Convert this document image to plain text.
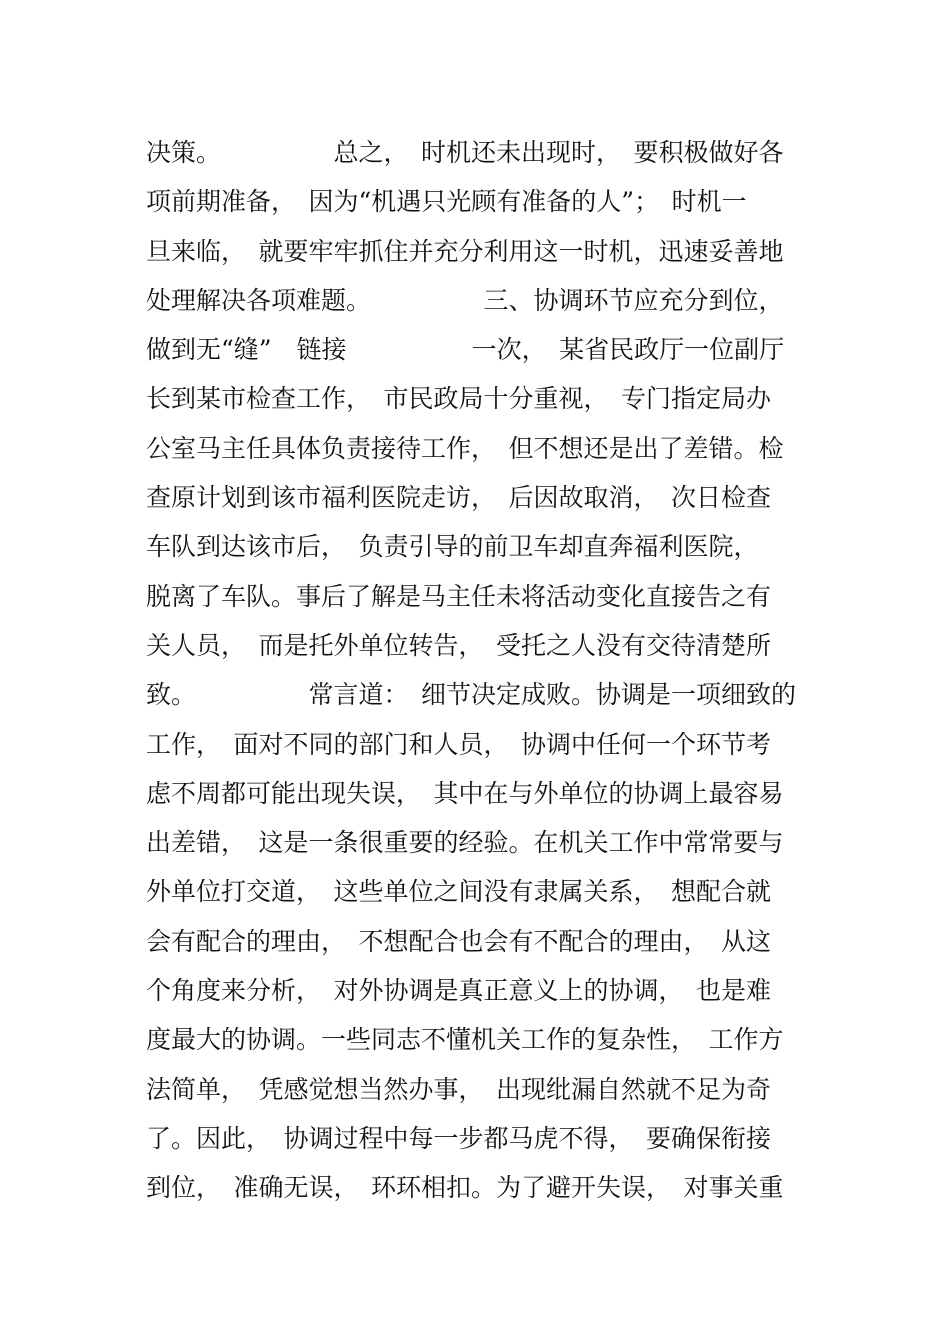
决策。　　　　　总之，　时机还未出现时，　要积极做好各
项前期准备，　因为“机遇只光顾有准备的人”；　时机一
旦来临，　就要牢牢抓住并充分利用这一时机，迅速妥善地
处理解决各项难题。　　　　　三、协调环节应充分到位，
做到无“缝”　链接　　　　　一次，　某省民政厅一位副厅
长到某市检查工作，　市民政局十分重视，　专门指定局办
公室马主任具体负责接待工作，　但不想还是出了差错。检
查原计划到该市福利医院走访，　后因故取消，　次日检查
车队到达该市后，　负责引导的前卫车却直奔福利医院，
脱离了车队。事后了解是马主任未将活动变化直接告之有
关人员，　而是托外单位转告，　受托之人没有交待清楚所
致。　　　　　常言道：　细节决定成败。协调是一项细致的
工作，　面对不同的部门和人员，　协调中任何一个环节考
虑不周都可能出现失误，　其中在与外单位的协调上最容易
出差错，　这是一条很重要的经验。在机关工作中常常要与
外单位打交道，　这些单位之间没有隶属关系，　想配合就
会有配合的理由，　不想配合也会有不配合的理由，　从这
个角度来分析，　对外协调是真正意义上的协调，　也是难
度最大的协调。一些同志不懂机关工作的复杂性，　工作方
法简单，　凭感觉想当然办事，　出现纰漏自然就不足为奇
了。因此，　协调过程中每一步都马虎不得，　要确保衔接
到位，　准确无误，　环环相扣。为了避开失误，　对事关重
